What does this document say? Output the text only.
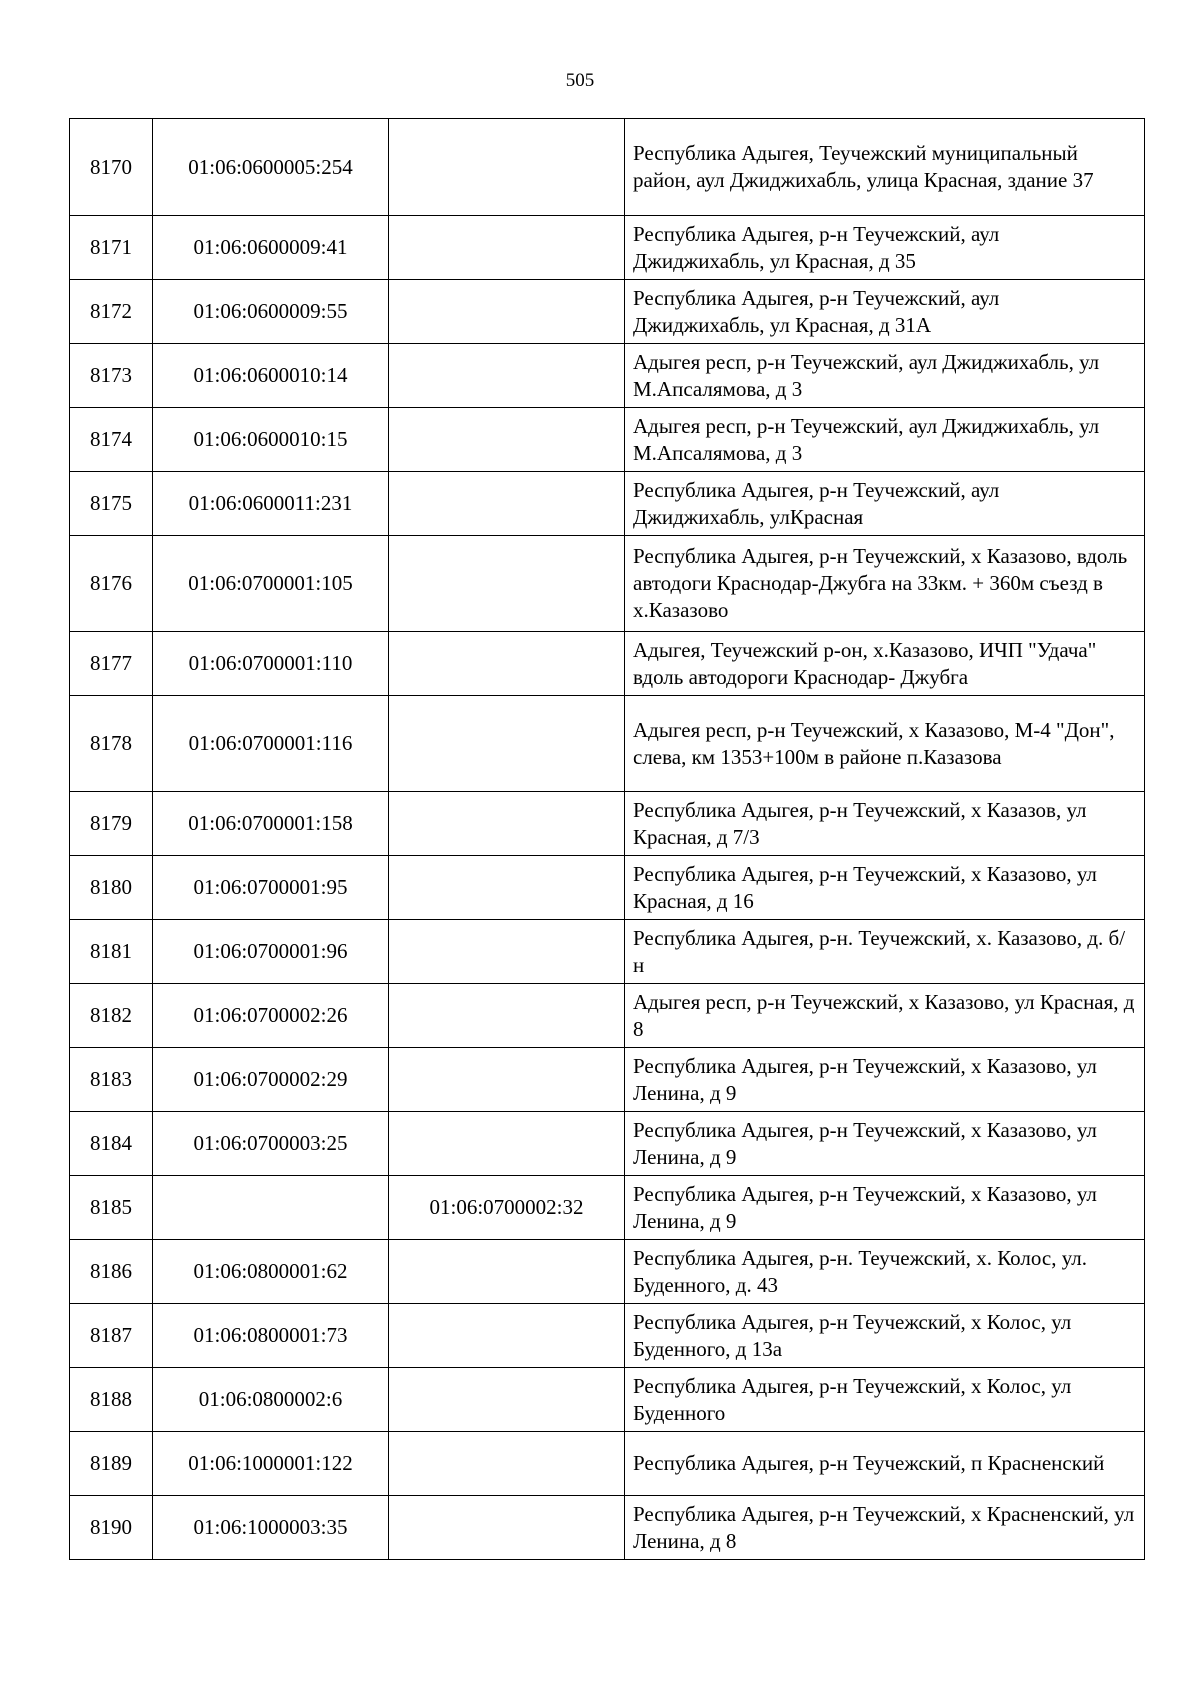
505
8170	01:06:0600005:254		Республика Адыгея, Теучежский муниципальный район, аул Джиджихабль, улица Красная, здание 37
8171	01:06:0600009:41		Республика Адыгея, р-н Теучежский, аул Джиджихабль, ул Красная, д 35
8172	01:06:0600009:55		Республика Адыгея, р-н Теучежский, аул Джиджихабль, ул Красная, д 31А
8173	01:06:0600010:14		Адыгея респ, р-н Теучежский, аул Джиджихабль, ул М.Апсалямова, д 3
8174	01:06:0600010:15		Адыгея респ, р-н Теучежский, аул Джиджихабль, ул М.Апсалямова, д 3
8175	01:06:0600011:231		Республика Адыгея, р-н Теучежский, аул Джиджихабль, улКрасная
8176	01:06:0700001:105		Республика Адыгея, р-н Теучежский, х Казазово, вдоль автодоги Краснодар-Джубга на 33км. + 360м съезд в х.Казазово
8177	01:06:0700001:110		Адыгея, Теучежский р-он, х.Казазово, ИЧП "Удача" вдоль автодороги Краснодар- Джубга
8178	01:06:0700001:116		Адыгея респ, р-н Теучежский, х Казазово, М-4 "Дон", слева, км 1353+100м в районе п.Казазова
8179	01:06:0700001:158		Республика Адыгея, р-н Теучежский, х Казазов, ул Красная, д 7/3
8180	01:06:0700001:95		Республика Адыгея, р-н Теучежский, х Казазово, ул Красная, д 16
8181	01:06:0700001:96		Республика Адыгея, р-н. Теучежский, х. Казазово, д. б/н
8182	01:06:0700002:26		Адыгея респ, р-н Теучежский, х Казазово, ул Красная, д 8
8183	01:06:0700002:29		Республика Адыгея, р-н Теучежский, х Казазово, ул Ленина, д 9
8184	01:06:0700003:25		Республика Адыгея, р-н Теучежский, х Казазово, ул Ленина, д 9
8185		01:06:0700002:32	Республика Адыгея, р-н Теучежский, х Казазово, ул Ленина, д 9
8186	01:06:0800001:62		Республика Адыгея, р-н. Теучежский, х. Колос, ул. Буденного, д. 43
8187	01:06:0800001:73		Республика Адыгея, р-н Теучежский, х Колос, ул Буденного, д 13а
8188	01:06:0800002:6		Республика Адыгея, р-н Теучежский, х Колос, ул Буденного
8189	01:06:1000001:122		Республика Адыгея, р-н Теучежский, п Красненский
8190	01:06:1000003:35		Республика Адыгея, р-н Теучежский, х Красненский, ул Ленина, д 8
